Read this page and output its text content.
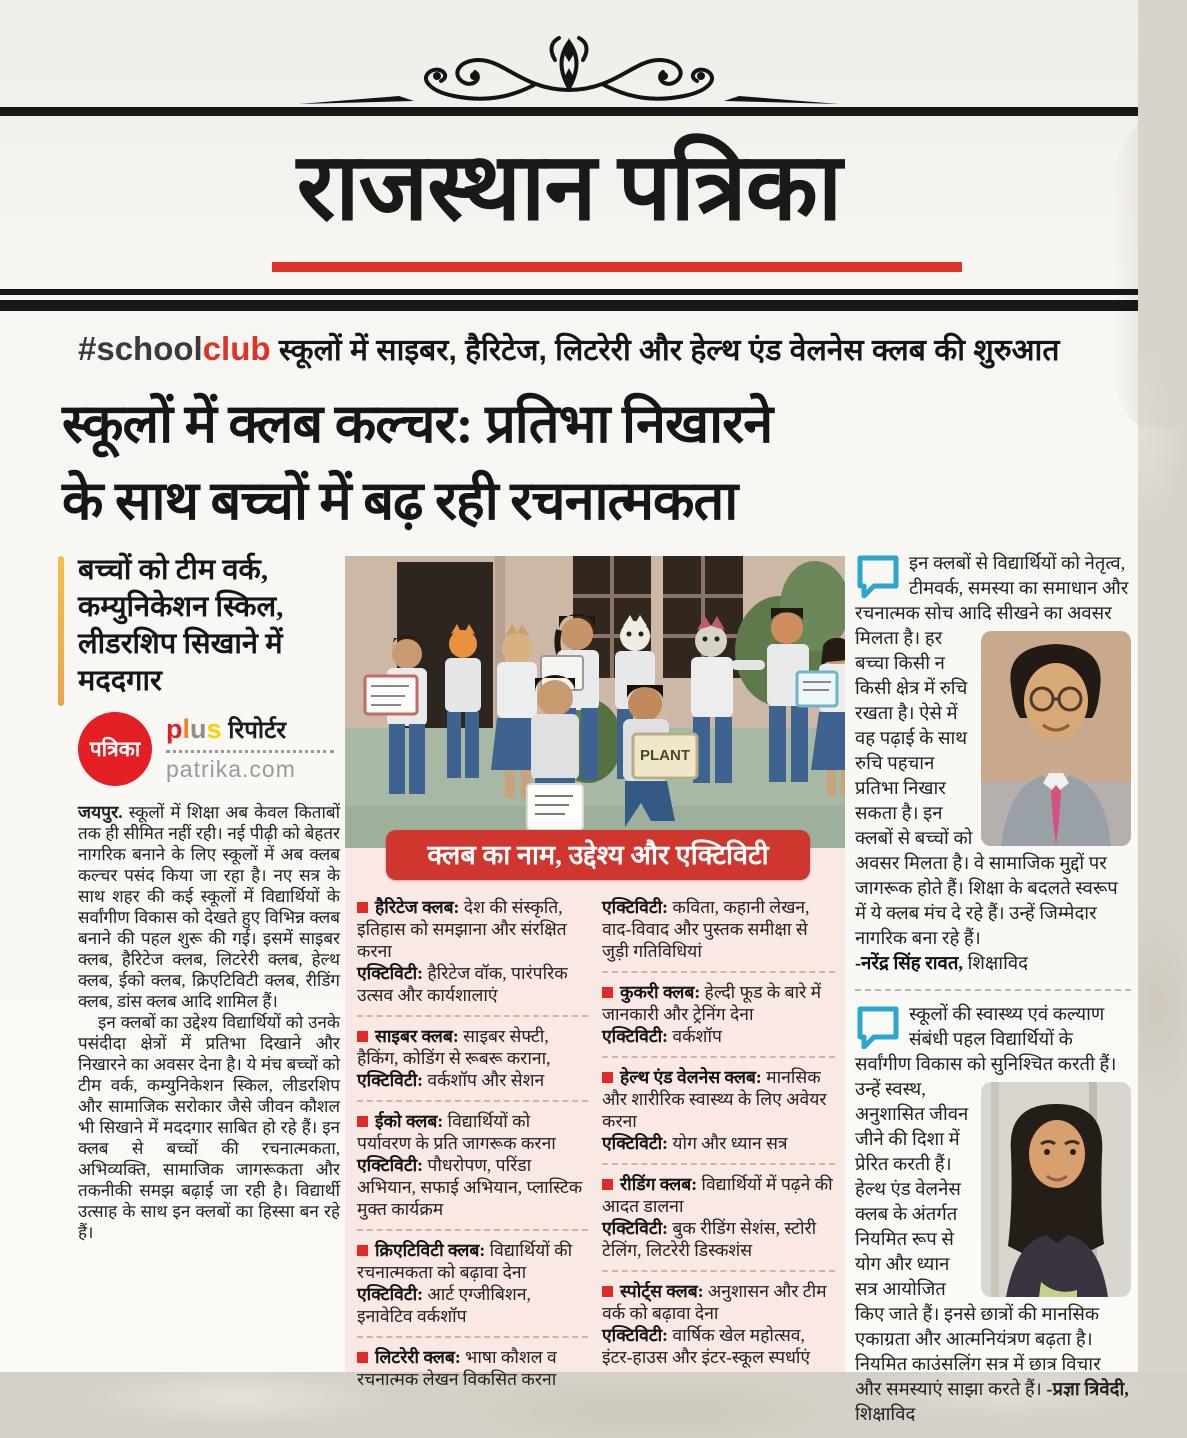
राजस्थान पत्रिका
#schoolclub स्कूलों में साइबर, हैरिटेज, लिटरेरी और हेल्थ एंड वेलनेस क्लब की शुरुआत
स्कूलों में क्लब कल्चर: प्रतिभा निखारने
के साथ बच्चों में बढ़ रही रचनात्मकता
बच्चों को टीम वर्क, कम्युनिकेशन स्किल, लीडरशिप सिखाने में मददगार
पत्रिका
plus रिपोर्टर
patrika.com

जयपुर. स्कूलों में शिक्षा अब केवल किताबों तक ही सीमित नहीं रही। नई पीढ़ी को बेहतर नागरिक बनाने के लिए स्कूलों में अब क्लब कल्चर पसंद किया जा रहा है। नए सत्र के साथ शहर की कई स्कूलों में विद्यार्थियों के सर्वांगीण विकास को देखते हुए विभिन्न क्लब बनाने की पहल शुरू की गई। इसमें साइबर क्लब, हैरिटेज क्लब, लिटरेरी क्लब, हेल्थ क्लब, ईको क्लब, क्रिएटिविटी क्लब, रीडिंग क्लब, डांस क्लब आदि शामिल हैं।

इन क्लबों का उद्देश्य विद्यार्थियों को उनके पसंदीदा क्षेत्रों में प्रतिभा दिखाने और निखारने का अवसर देना है। ये मंच बच्चों को टीम वर्क, कम्युनिकेशन स्किल, लीडरशिप और सामाजिक सरोकार जैसे जीवन कौशल भी सिखाने में मददगार साबित हो रहे हैं। इन क्लब से बच्चों की रचनात्मकता, अभिव्यक्ति, सामाजिक जागरूकता और तकनीकी समझ बढ़ाई जा रही है। विद्यार्थी उत्साह के साथ इन क्लबों का हिस्सा बन रहे हैं।

PLANT
क्लब का नाम, उद्देश्य और एक्टिविटी

हैरिटेज क्लब: देश की संस्कृति, इतिहास को समझाना और संरक्षित करना

एक्टिविटी: हैरिटेज वॉक, पारंपरिक उत्सव और कार्यशालाएं

साइबर क्लब: साइबर सेफ्टी, हैकिंग, कोडिंग से रूबरू कराना,

एक्टिविटी: वर्कशॉप और सेशन

ईको क्लब: विद्यार्थियों को पर्यावरण के प्रति जागरूक करना

एक्टिविटी: पौधरोपण, परिंडा अभियान, सफाई अभियान, प्लास्टिक मुक्त कार्यक्रम

क्रिएटिविटी क्लब: विद्यार्थियों की रचनात्मकता को बढ़ावा देना

एक्टिविटी: आर्ट एग्जीबिशन, इनावेटिव वर्कशॉप

लिटरेरी क्लब: भाषा कौशल व रचनात्मक लेखन विकसित करना

एक्टिविटी: कविता, कहानी लेखन, वाद-विवाद और पुस्तक समीक्षा से जुड़ी गतिविधियां

कुकरी क्लब: हेल्दी फूड के बारे में जानकारी और ट्रेनिंग देना

एक्टिविटी: वर्कशॉप

हेल्थ एंड वेलनेस क्लब: मानसिक और शारीरिक स्वास्थ्य के लिए अवेयर करना

एक्टिविटी: योग और ध्यान सत्र

रीडिंग क्लब: विद्यार्थियों में पढ़ने की आदत डालना

एक्टिविटी: बुक रीडिंग सेशंस, स्टोरी टेलिंग, लिटरेरी डिस्कशंस

स्पोर्ट्स क्लब: अनुशासन और टीम वर्क को बढ़ावा देना

एक्टिविटी: वार्षिक खेल महोत्सव, इंटर-हाउस और इंटर-स्कूल स्पर्धाएं

इन क्लबों से विद्यार्थियों को नेतृत्व, टीमवर्क, समस्या का समाधान और रचनात्मक सोच आदि सीखने का अवसर मिलता है।
हर बच्चा किसी न किसी क्षेत्र में रुचि रखता है। ऐसे में वह पढ़ाई के साथ रुचि पहचान प्रतिभा निखार सकता है। इन क्लबों से बच्चों को अवसर मिलता है। वे सामाजिक मुद्दों पर जागरूक होते हैं। शिक्षा के बदलते स्वरूप में ये क्लब मंच दे रहे हैं। उन्हें जिम्मेदार नागरिक बना रहे हैं।

-नरेंद्र सिंह रावत, शिक्षाविद

स्कूलों की स्वास्थ्य एवं कल्याण संबंधी पहल विद्यार्थियों के सर्वांगीण विकास को सुनिश्चित करती हैं। उन्हें स्वस्थ,
अनुशासित जीवन जीने की दिशा में प्रेरित करती हैं। हेल्थ एंड वेलनेस क्लब के अंतर्गत नियमित रूप से योग और ध्यान सत्र आयोजित किए जाते हैं। इनसे छात्रों की मानसिक एकाग्रता और आत्मनियंत्रण बढ़ता है। नियमित काउंसलिंग सत्र में छात्र विचार और समस्याएं साझा करते हैं। -प्रज्ञा त्रिवेदी, शिक्षाविद
